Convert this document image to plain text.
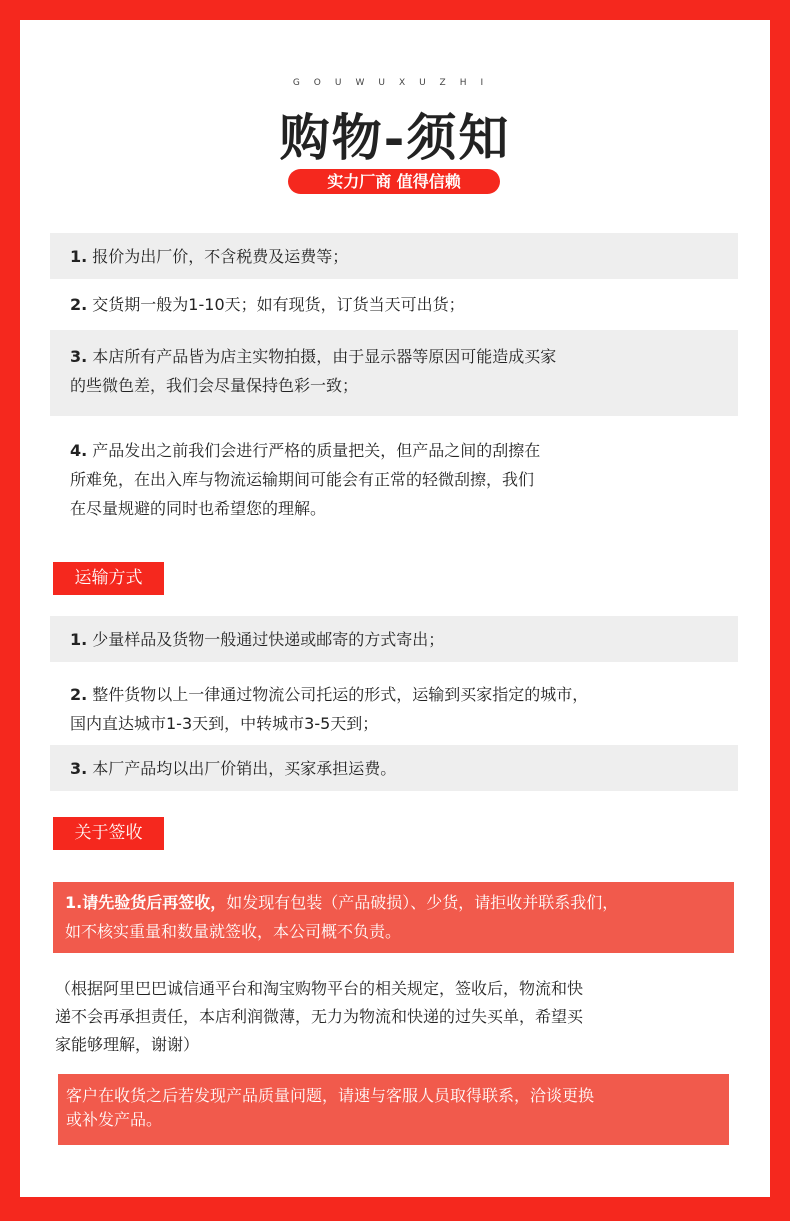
GOUWUXUZHI
购物-须知
实力厂商 值得信赖
1. 报价为出厂价，不含税费及运费等；
2. 交货期一般为1-10天；如有现货，订货当天可出货；
3. 本店所有产品皆为店主实物拍摄，由于显示器等原因可能造成买家
的些微色差，我们会尽量保持色彩一致；
4. 产品发出之前我们会进行严格的质量把关，但产品之间的刮擦在
所难免，在出入库与物流运输期间可能会有正常的轻微刮擦，我们
在尽量规避的同时也希望您的理解。
运输方式
1. 少量样品及货物一般通过快递或邮寄的方式寄出；
2. 整件货物以上一律通过物流公司托运的形式，运输到买家指定的城市，
国内直达城市1-3天到，中转城市3-5天到；
3. 本厂产品均以出厂价销出，买家承担运费。
关于签收
1.请先验货后再签收，如发现有包装（产品破损）、少货，请拒收并联系我们，
如不核实重量和数量就签收，本公司概不负责。
（根据阿里巴巴诚信通平台和淘宝购物平台的相关规定，签收后，物流和快
递不会再承担责任，本店利润微薄，无力为物流和快递的过失买单，希望买
家能够理解，谢谢）
客户在收货之后若发现产品质量问题，请速与客服人员取得联系，洽谈更换
或补发产品。
